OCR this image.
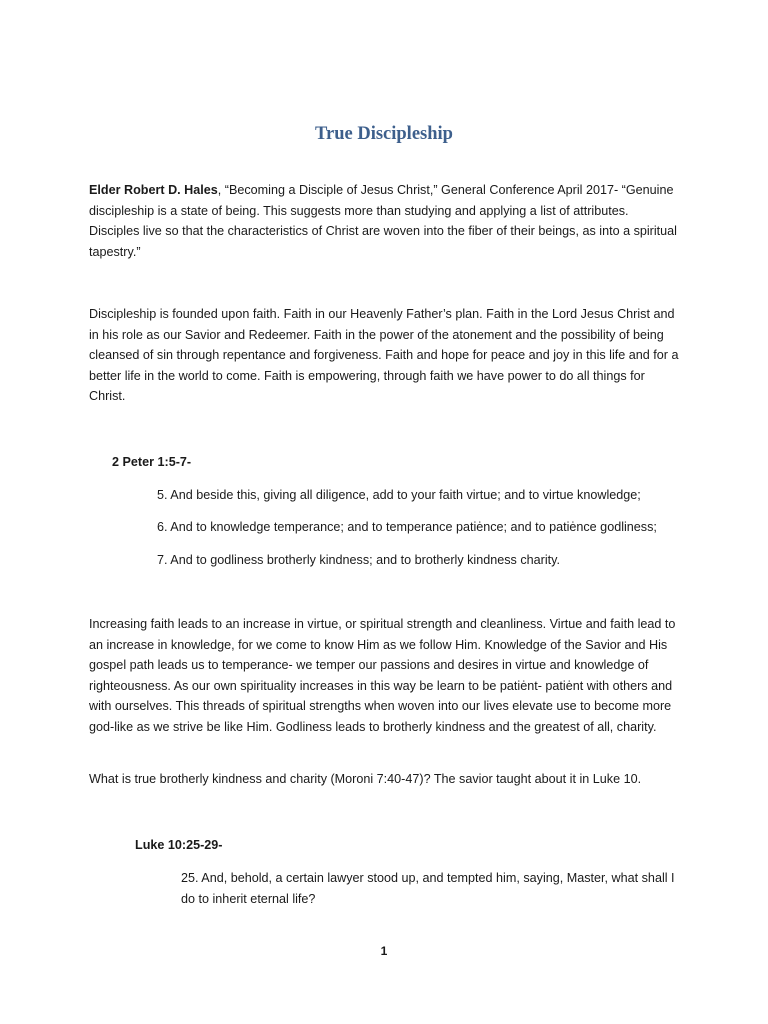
True Discipleship

Elder Robert D. Hales, “Becoming a Disciple of Jesus Christ,” General Conference April 2017- “Genuine discipleship is a state of being. This suggests more than studying and applying a list of attributes. Disciples live so that the characteristics of Christ are woven into the fiber of their beings, as into a spiritual tapestry.”

Discipleship is founded upon faith. Faith in our Heavenly Father’s plan. Faith in the Lord Jesus Christ and in his role as our Savior and Redeemer. Faith in the power of the atonement and the possibility of being cleansed of sin through repentance and forgiveness. Faith and hope for peace and joy in this life and for a better life in the world to come. Faith is empowering, through faith we have power to do all things for Christ.

2 Peter 1:5-7-

5. And beside this, giving all diligence, add to your faith virtue; and to virtue knowledge;

6. And to knowledge temperance; and to temperance patiėnce; and to patiėnce godliness;

7. And to godliness brotherly kindness; and to brotherly kindness charity.

Increasing faith leads to an increase in virtue, or spiritual strength and cleanliness. Virtue and faith lead to an increase in knowledge, for we come to know Him as we follow Him. Knowledge of the Savior and His gospel path leads us to temperance- we temper our passions and desires in virtue and knowledge of righteousness. As our own spirituality increases in this way be learn to be patiėnt- patiėnt with others and with ourselves. This threads of spiritual strengths when woven into our lives elevate use to become more god-like as we strive be like Him. Godliness leads to brotherly kindness and the greatest of all, charity.

What is true brotherly kindness and charity (Moroni 7:40-47)? The savior taught about it in Luke 10.

Luke 10:25-29-

25. And, behold, a certain lawyer stood up, and tempted him, saying, Master, what shall I do to inherit eternal life?

1
